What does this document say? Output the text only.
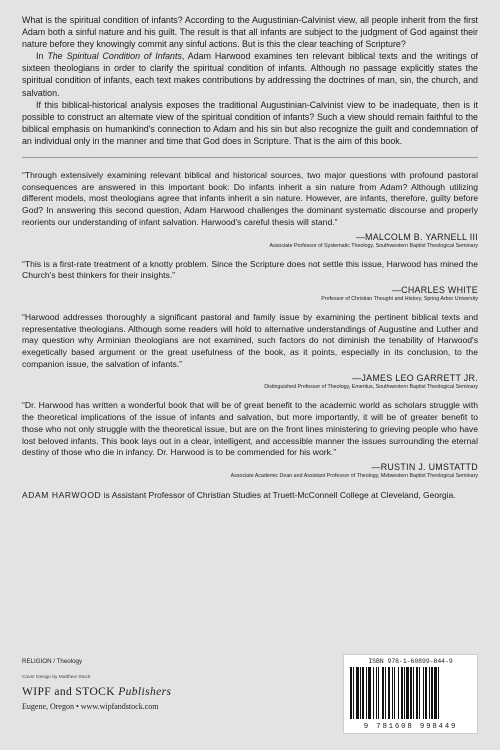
What is the spiritual condition of infants? According to the Augustinian-Calvinist view, all people inherit from the first Adam both a sinful nature and his guilt. The result is that all infants are subject to the judgment of God against their nature before they knowingly commit any sinful actions. But is this the clear teaching of Scripture?

In The Spiritual Condition of Infants, Adam Harwood examines ten relevant biblical texts and the writings of sixteen theologians in order to clarify the spiritual condition of infants. Although no passage explicitly states the spiritual condition of infants, each text makes contributions by addressing the doctrines of man, sin, the church, and salvation.

If this biblical-historical analysis exposes the traditional Augustinian-Calvinist view to be inadequate, then is it possible to construct an alternate view of the spiritual condition of infants? Such a view should remain faithful to the biblical emphasis on humankind's connection to Adam and his sin but also recognize the guilt and condemnation of an individual only in the manner and time that God does in Scripture. That is the aim of this book.

“Through extensively examining relevant biblical and historical sources, two major questions with profound pastoral consequences are answered in this important book: Do infants inherit a sin nature from Adam? Although utilizing different models, most theologians agree that infants inherit a sin nature. However, are infants, therefore, guilty before God? In answering this second question, Adam Harwood challenges the dominant systematic discourse and properly reorients our understanding of infant salvation. Harwood's careful thesis will stand.”

—MALCOLM B. YARNELL III
Associate Professor of Systematic Theology, Southwestern Baptist Theological Seminary

“This is a first-rate treatment of a knotty problem. Since the Scripture does not settle this issue, Harwood has mined the Church's best thinkers for their insights.”

—CHARLES WHITE
Professor of Christian Thought and History, Spring Arbor University

“Harwood addresses thoroughly a significant pastoral and family issue by examining the pertinent biblical texts and representative theologians. Although some readers will hold to alternative understandings of Augustine and Luther and may question why Arminian theologians are not examined, such factors do not diminish the tenability of Harwood's exegetically based argument or the great usefulness of the book, as it points, especially in its conclusion, to the companion issue, the salvation of infants.”

—JAMES LEO GARRETT JR.
Distinguished Professor of Theology, Emeritus, Southwestern Baptist Theological Seminary

“Dr. Harwood has written a wonderful book that will be of great benefit to the academic world as scholars struggle with the theoretical implications of the issue of infants and salvation, but more importantly, it will be of greater benefit to those who not only struggle with the theoretical issue, but are on the front lines ministering to grieving people who have lost beloved infants. This book lays out in a clear, intelligent, and accessible manner the issues surrounding the eternal destiny of those who die in infancy. Dr. Harwood is to be commended for his work.”

—RUSTIN J. UMSTATTD
Associate Academic Dean and Assistant Professor of Theology, Midwestern Baptist Theological Seminary
ADAM HARWOOD is Assistant Professor of Christian Studies at Truett-McConnell College at Cleveland, Georgia.
RELIGION / Theology
Cover Design by Matthew Stock
WIPF and STOCK Publishers
Eugene, Oregon • www.wipfandstock.com
ISBN 978-1-60899-844-9
9 781608 998449
